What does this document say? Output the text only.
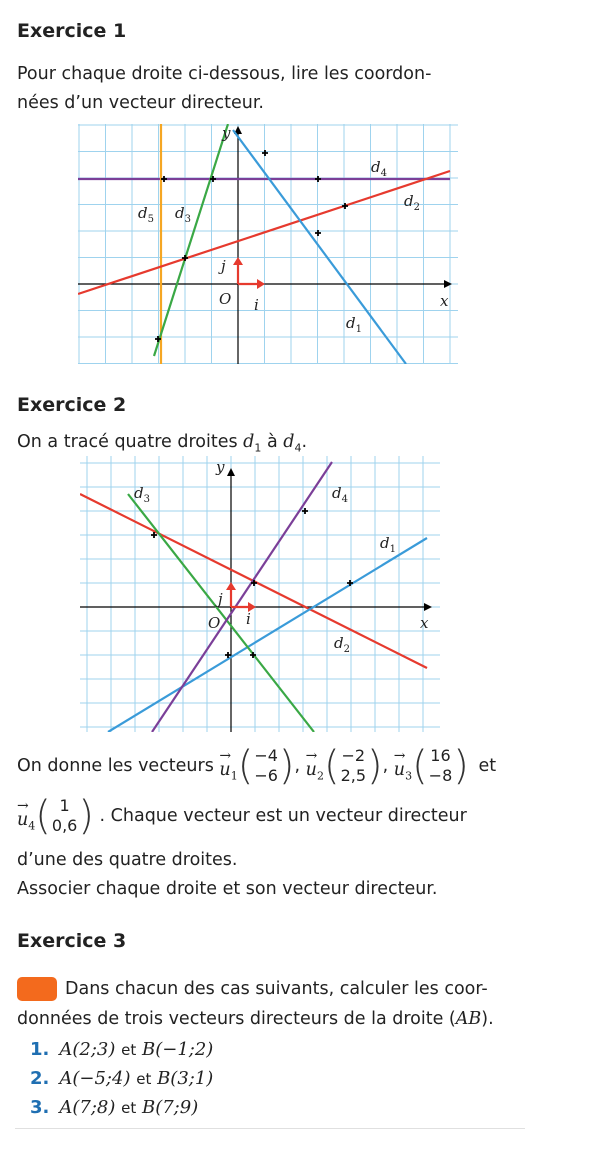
Exercice 1

Pour chaque droite ci-dessous, lire les coordon-

nées d’un vecteur directeur.

y
x
O i
j
$d_4$
$d_5$ $d_3$
$d_2$
$d_1$
Exercice 2

On a tracé quatre droites $d_1$ à $d_4$.

y
x
O i
j
$d_3$	$d_4$
$d_1$
$d_2$
On donne les vecteurs
→
$u_1$ ( −4
−6 ) ,
→
$u_2$ ( −2
2,5 ) ,
→
$u_3$ ( 16
−8 ) et
→
$u_4$ ( 1
0,6 ) . Chaque vecteur est un vecteur directeur

d’une des quatre droites.

Associer chaque droite et son vecteur directeur.

Exercice 3

Dans chacun des cas suivants, calculer les coor-

données de trois vecteurs directeurs de la droite (AB).

1. A(2;3) et B(−1;2)
2. A(−5;4) et B(3;1)
3. A(7;8) et B(7;9)
